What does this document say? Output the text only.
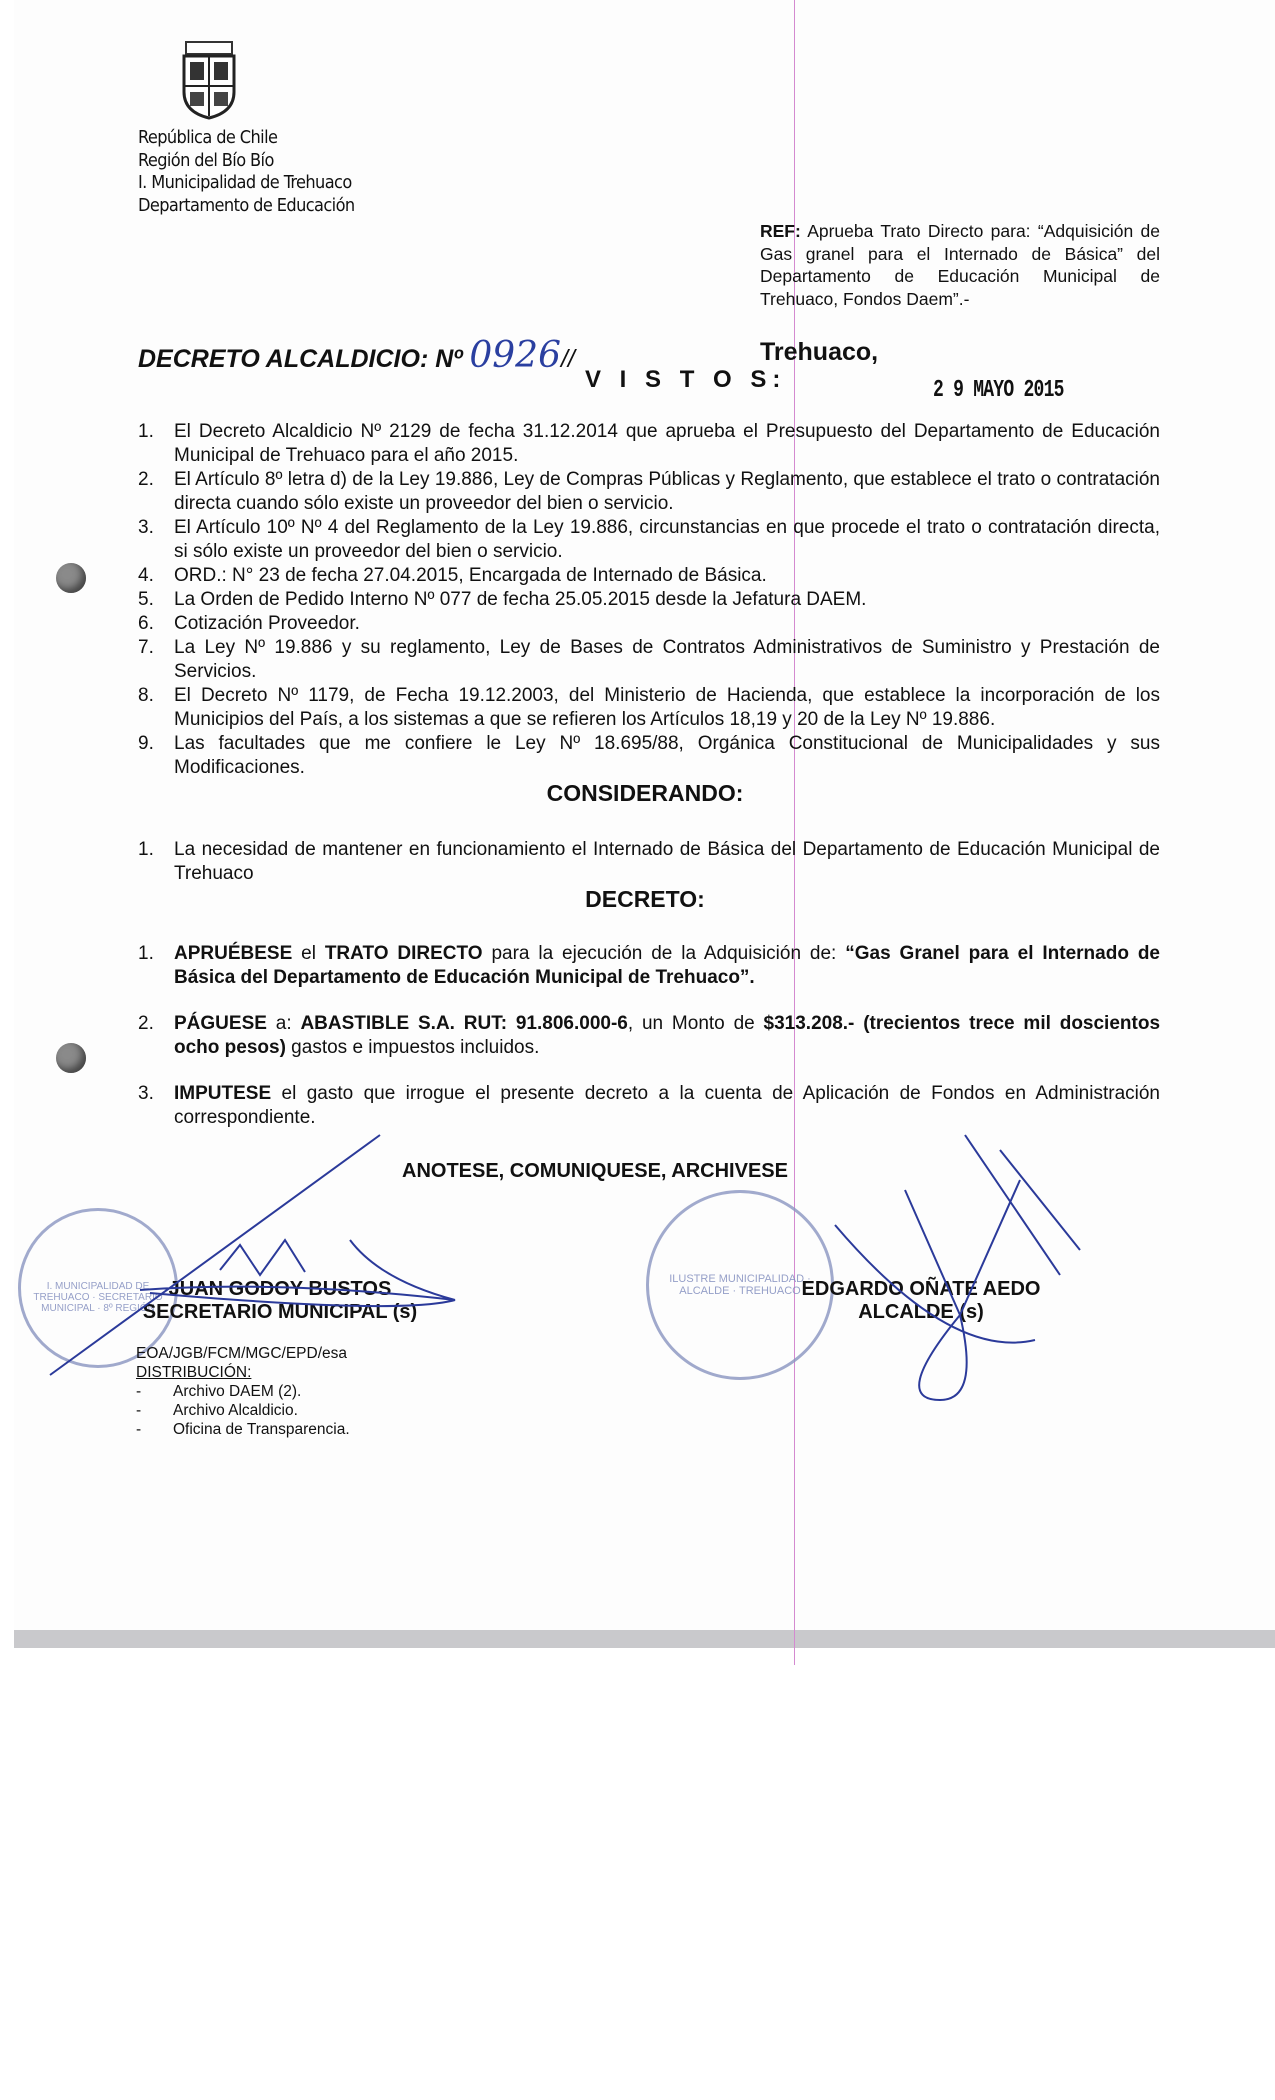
República de Chile
Región del Bío Bío
I. Municipalidad de Trehuaco
Departamento de Educación
REF: Aprueba Trato Directo para: “Adquisición de Gas granel para el Internado de Básica” del Departamento de Educación Municipal de Trehuaco, Fondos Daem”.-
DECRETO ALCALDICIO: Nº 0926//	Trehuaco,
V I S T O S:	2 9 MAYO 2015
1.	El Decreto Alcaldicio Nº 2129 de fecha 31.12.2014 que aprueba el Presupuesto del Departamento de Educación Municipal de Trehuaco para el año 2015.
2.	El Artículo 8º letra d) de la Ley 19.886, Ley de Compras Públicas y Reglamento, que establece el trato o contratación directa cuando sólo existe un proveedor del bien o servicio.
3.	El Artículo 10º Nº 4 del Reglamento de la Ley 19.886, circunstancias en que procede el trato o contratación directa, si sólo existe un proveedor del bien o servicio.
4.	ORD.: N° 23 de fecha 27.04.2015, Encargada de Internado de Básica.
5.	La Orden de Pedido Interno Nº 077 de fecha 25.05.2015 desde la Jefatura DAEM.
6.	Cotización Proveedor.
7.	La Ley Nº 19.886 y su reglamento, Ley de Bases de Contratos Administrativos de Suministro y Prestación de Servicios.
8.	El Decreto Nº 1179, de Fecha 19.12.2003, del Ministerio de Hacienda, que establece la incorporación de los Municipios del País, a los sistemas a que se refieren los Artículos 18,19 y 20 de la Ley Nº 19.886.
9.	Las facultades que me confiere le Ley Nº 18.695/88, Orgánica Constitucional de Municipalidades y sus Modificaciones.
CONSIDERANDO:
1.	La necesidad de mantener en funcionamiento el Internado de Básica del Departamento de Educación Municipal de Trehuaco
DECRETO:
1.	APRUÉBESE el TRATO DIRECTO para la ejecución de la Adquisición de: “Gas Granel para el Internado de Básica del Departamento de Educación Municipal de Trehuaco”.
2.	PÁGUESE a: ABASTIBLE S.A. RUT: 91.806.000-6, un Monto de $313.208.- (trecientos trece mil doscientos ocho pesos) gastos e impuestos incluidos.
3.	IMPUTESE el gasto que irrogue el presente decreto a la cuenta de Aplicación de Fondos en Administración correspondiente.
ANOTESE, COMUNIQUESE, ARCHIVESE
I. MUNICIPALIDAD DE TREHUACO · SECRETARIO MUNICIPAL · 8º REGIÓN
ILUSTRE MUNICIPALIDAD · ALCALDE · TREHUACO
JUAN GODOY BUSTOS
SECRETARIO MUNICIPAL (s)
EDGARDO OÑATE AEDO
ALCALDE (s)
EOA/JGB/FCM/MGC/EPD/esa
DISTRIBUCIÓN:
-	Archivo DAEM (2).
-	Archivo Alcaldicio.
-	Oficina de Transparencia.
